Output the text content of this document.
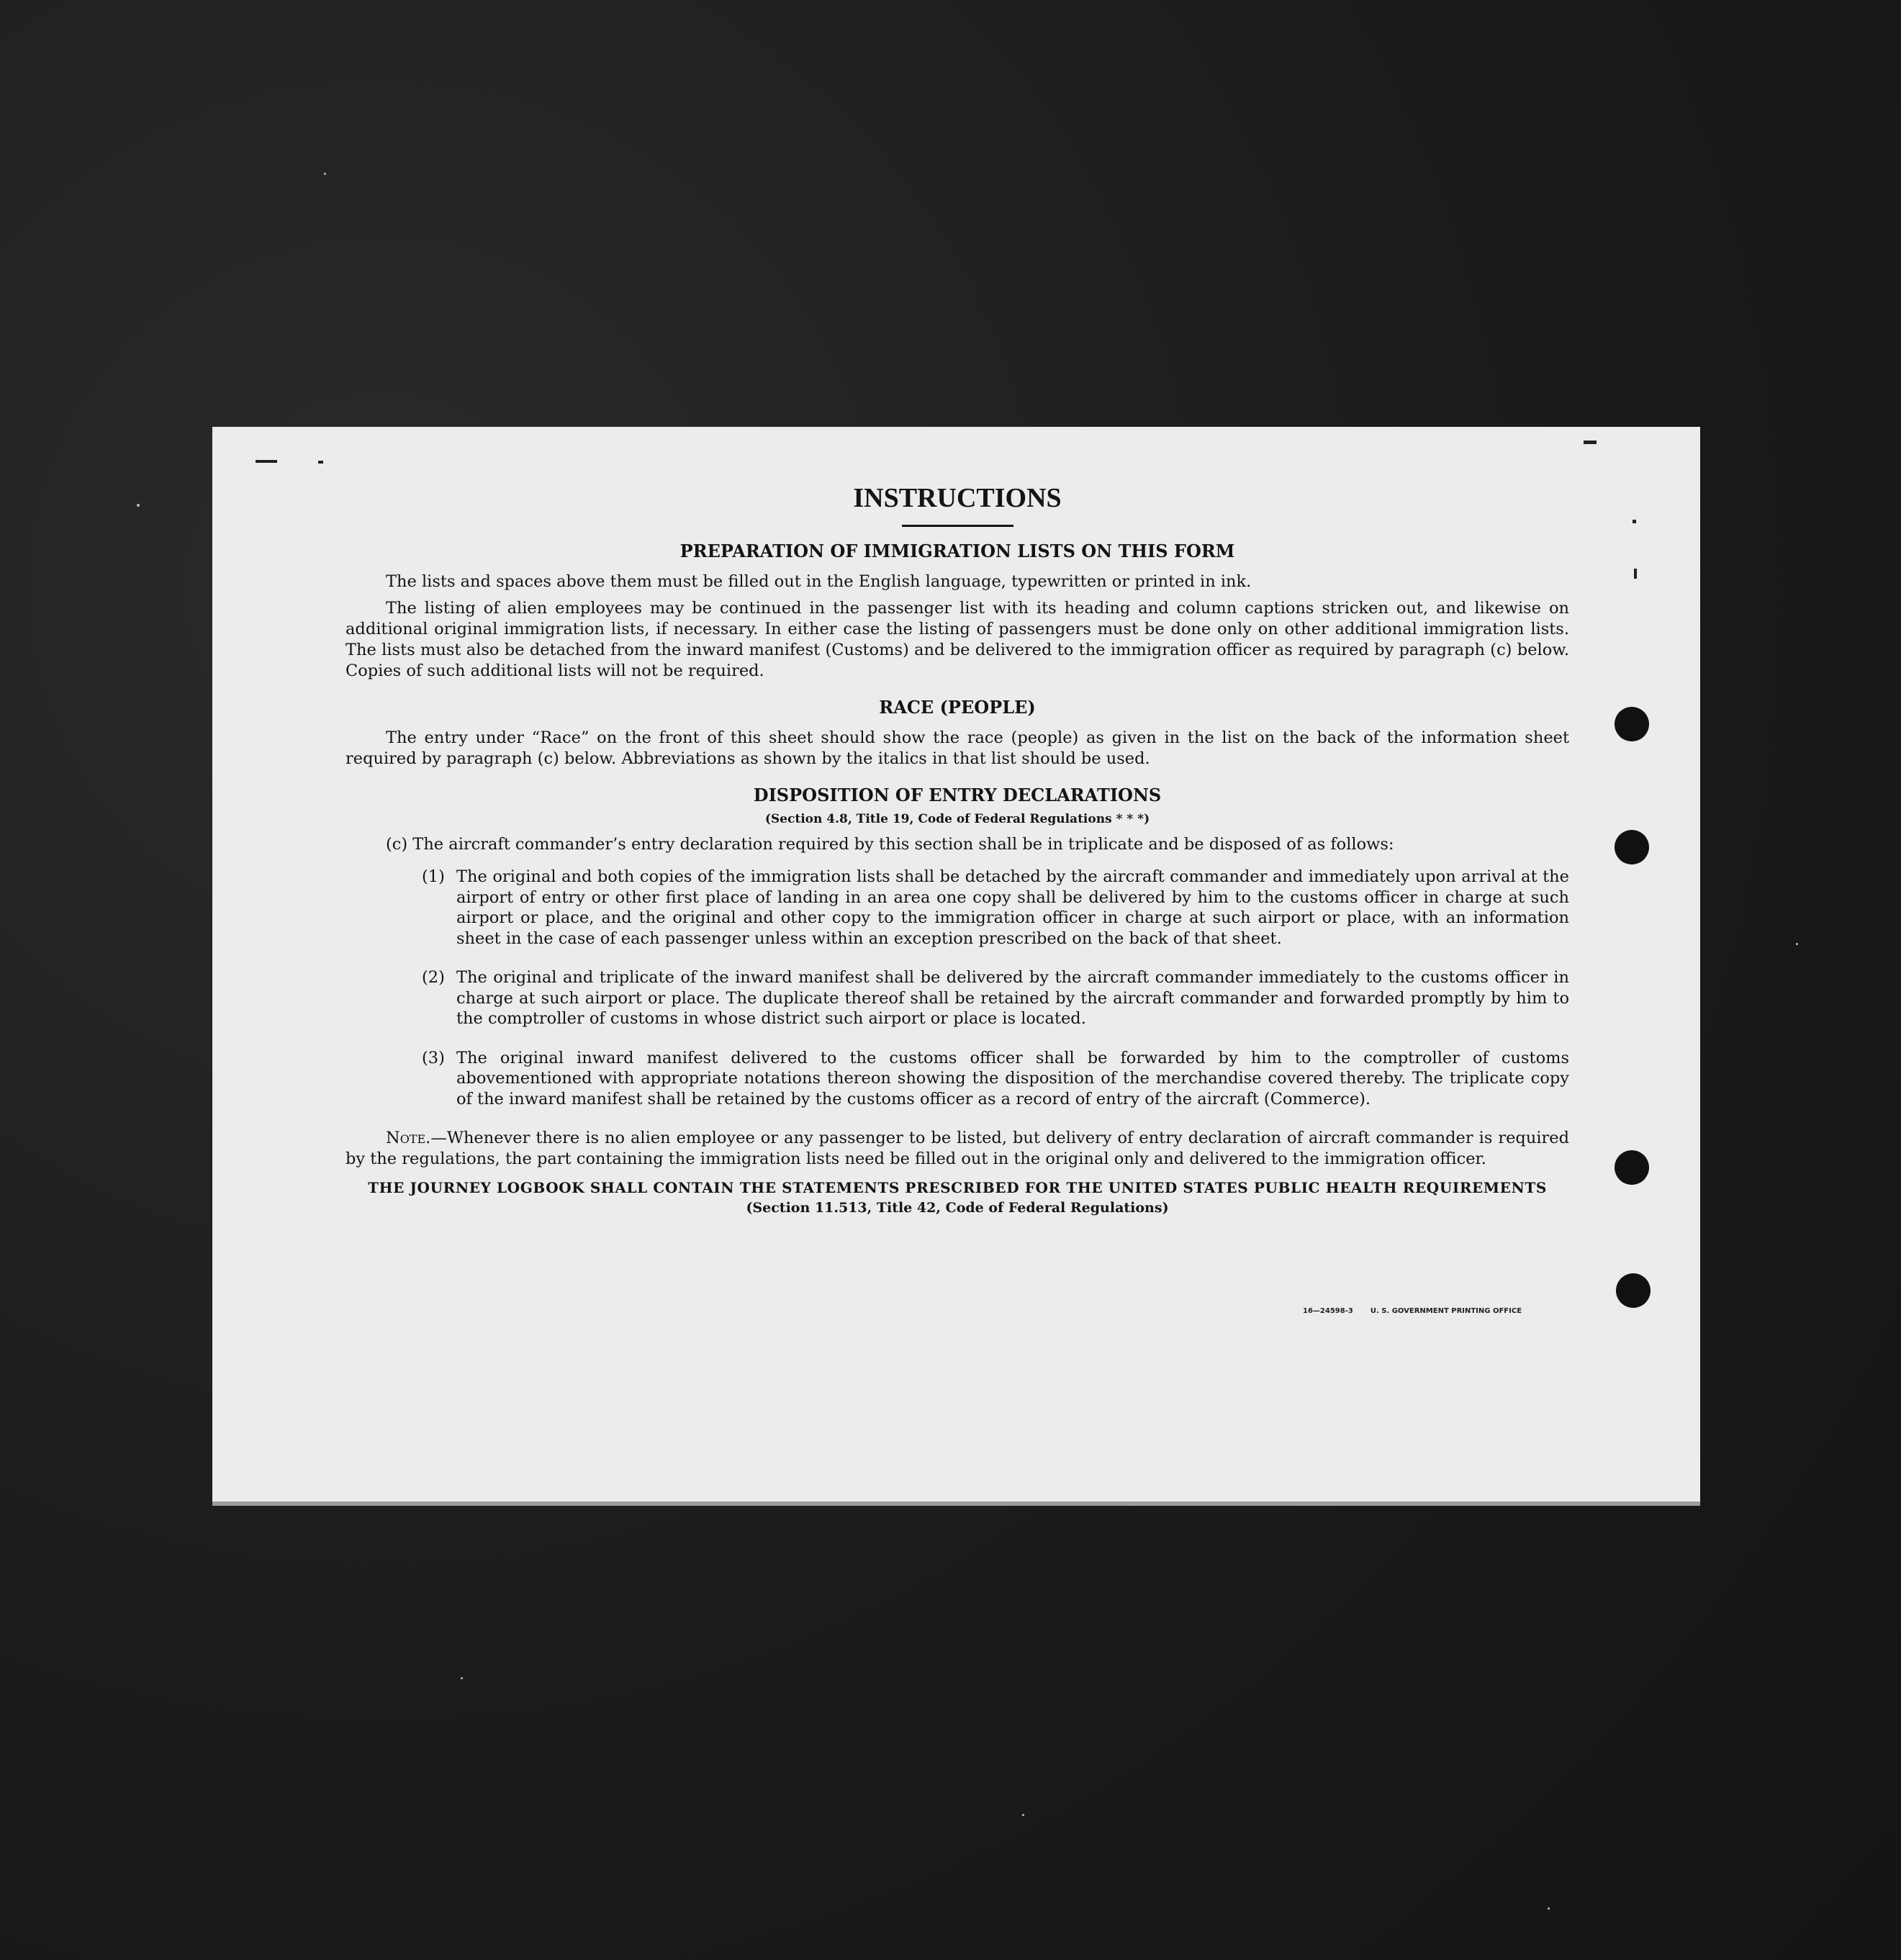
INSTRUCTIONS
PREPARATION OF IMMIGRATION LISTS ON THIS FORM

The lists and spaces above them must be filled out in the English language, typewritten or printed in ink.

The listing of alien employees may be continued in the passenger list with its heading and column captions stricken out, and likewise on additional original immigration lists, if necessary. In either case the listing of passengers must be done only on other additional immigration lists. The lists must also be detached from the inward manifest (Customs) and be delivered to the immigration officer as required by paragraph (c) below. Copies of such additional lists will not be required.

RACE (PEOPLE)

The entry under “Race” on the front of this sheet should show the race (people) as given in the list on the back of the information sheet required by paragraph (c) below. Abbreviations as shown by the italics in that list should be used.

DISPOSITION OF ENTRY DECLARATIONS

(Section 4.8, Title 19, Code of Federal Regulations * * *)

(c) The aircraft commander’s entry declaration required by this section shall be in triplicate and be disposed of as follows:

(1) The original and both copies of the immigration lists shall be detached by the aircraft commander and immediately upon arrival at the airport of entry or other first place of landing in an area one copy shall be delivered by him to the customs officer in charge at such airport or place, and the original and other copy to the immigration officer in charge at such airport or place, with an information sheet in the case of each passenger unless within an exception prescribed on the back of that sheet.
(2) The original and triplicate of the inward manifest shall be delivered by the aircraft commander immediately to the customs officer in charge at such airport or place. The duplicate thereof shall be retained by the aircraft commander and forwarded promptly by him to the comptroller of customs in whose district such airport or place is located.
(3) The original inward manifest delivered to the customs officer shall be forwarded by him to the comptroller of customs abovementioned with appropriate notations thereon showing the disposition of the merchandise covered thereby. The triplicate copy of the inward manifest shall be retained by the customs officer as a record of entry of the aircraft (Commerce).

Note.—Whenever there is no alien employee or any passenger to be listed, but delivery of entry declaration of aircraft commander is required by the regulations, the part containing the immigration lists need be filled out in the original only and delivered to the immigration officer.

THE JOURNEY LOGBOOK SHALL CONTAIN THE STATEMENTS PRESCRIBED FOR THE UNITED STATES PUBLIC HEALTH REQUIREMENTS

(Section 11.513, Title 42, Code of Federal Regulations)

16—24598-3 U. S. GOVERNMENT PRINTING OFFICE
